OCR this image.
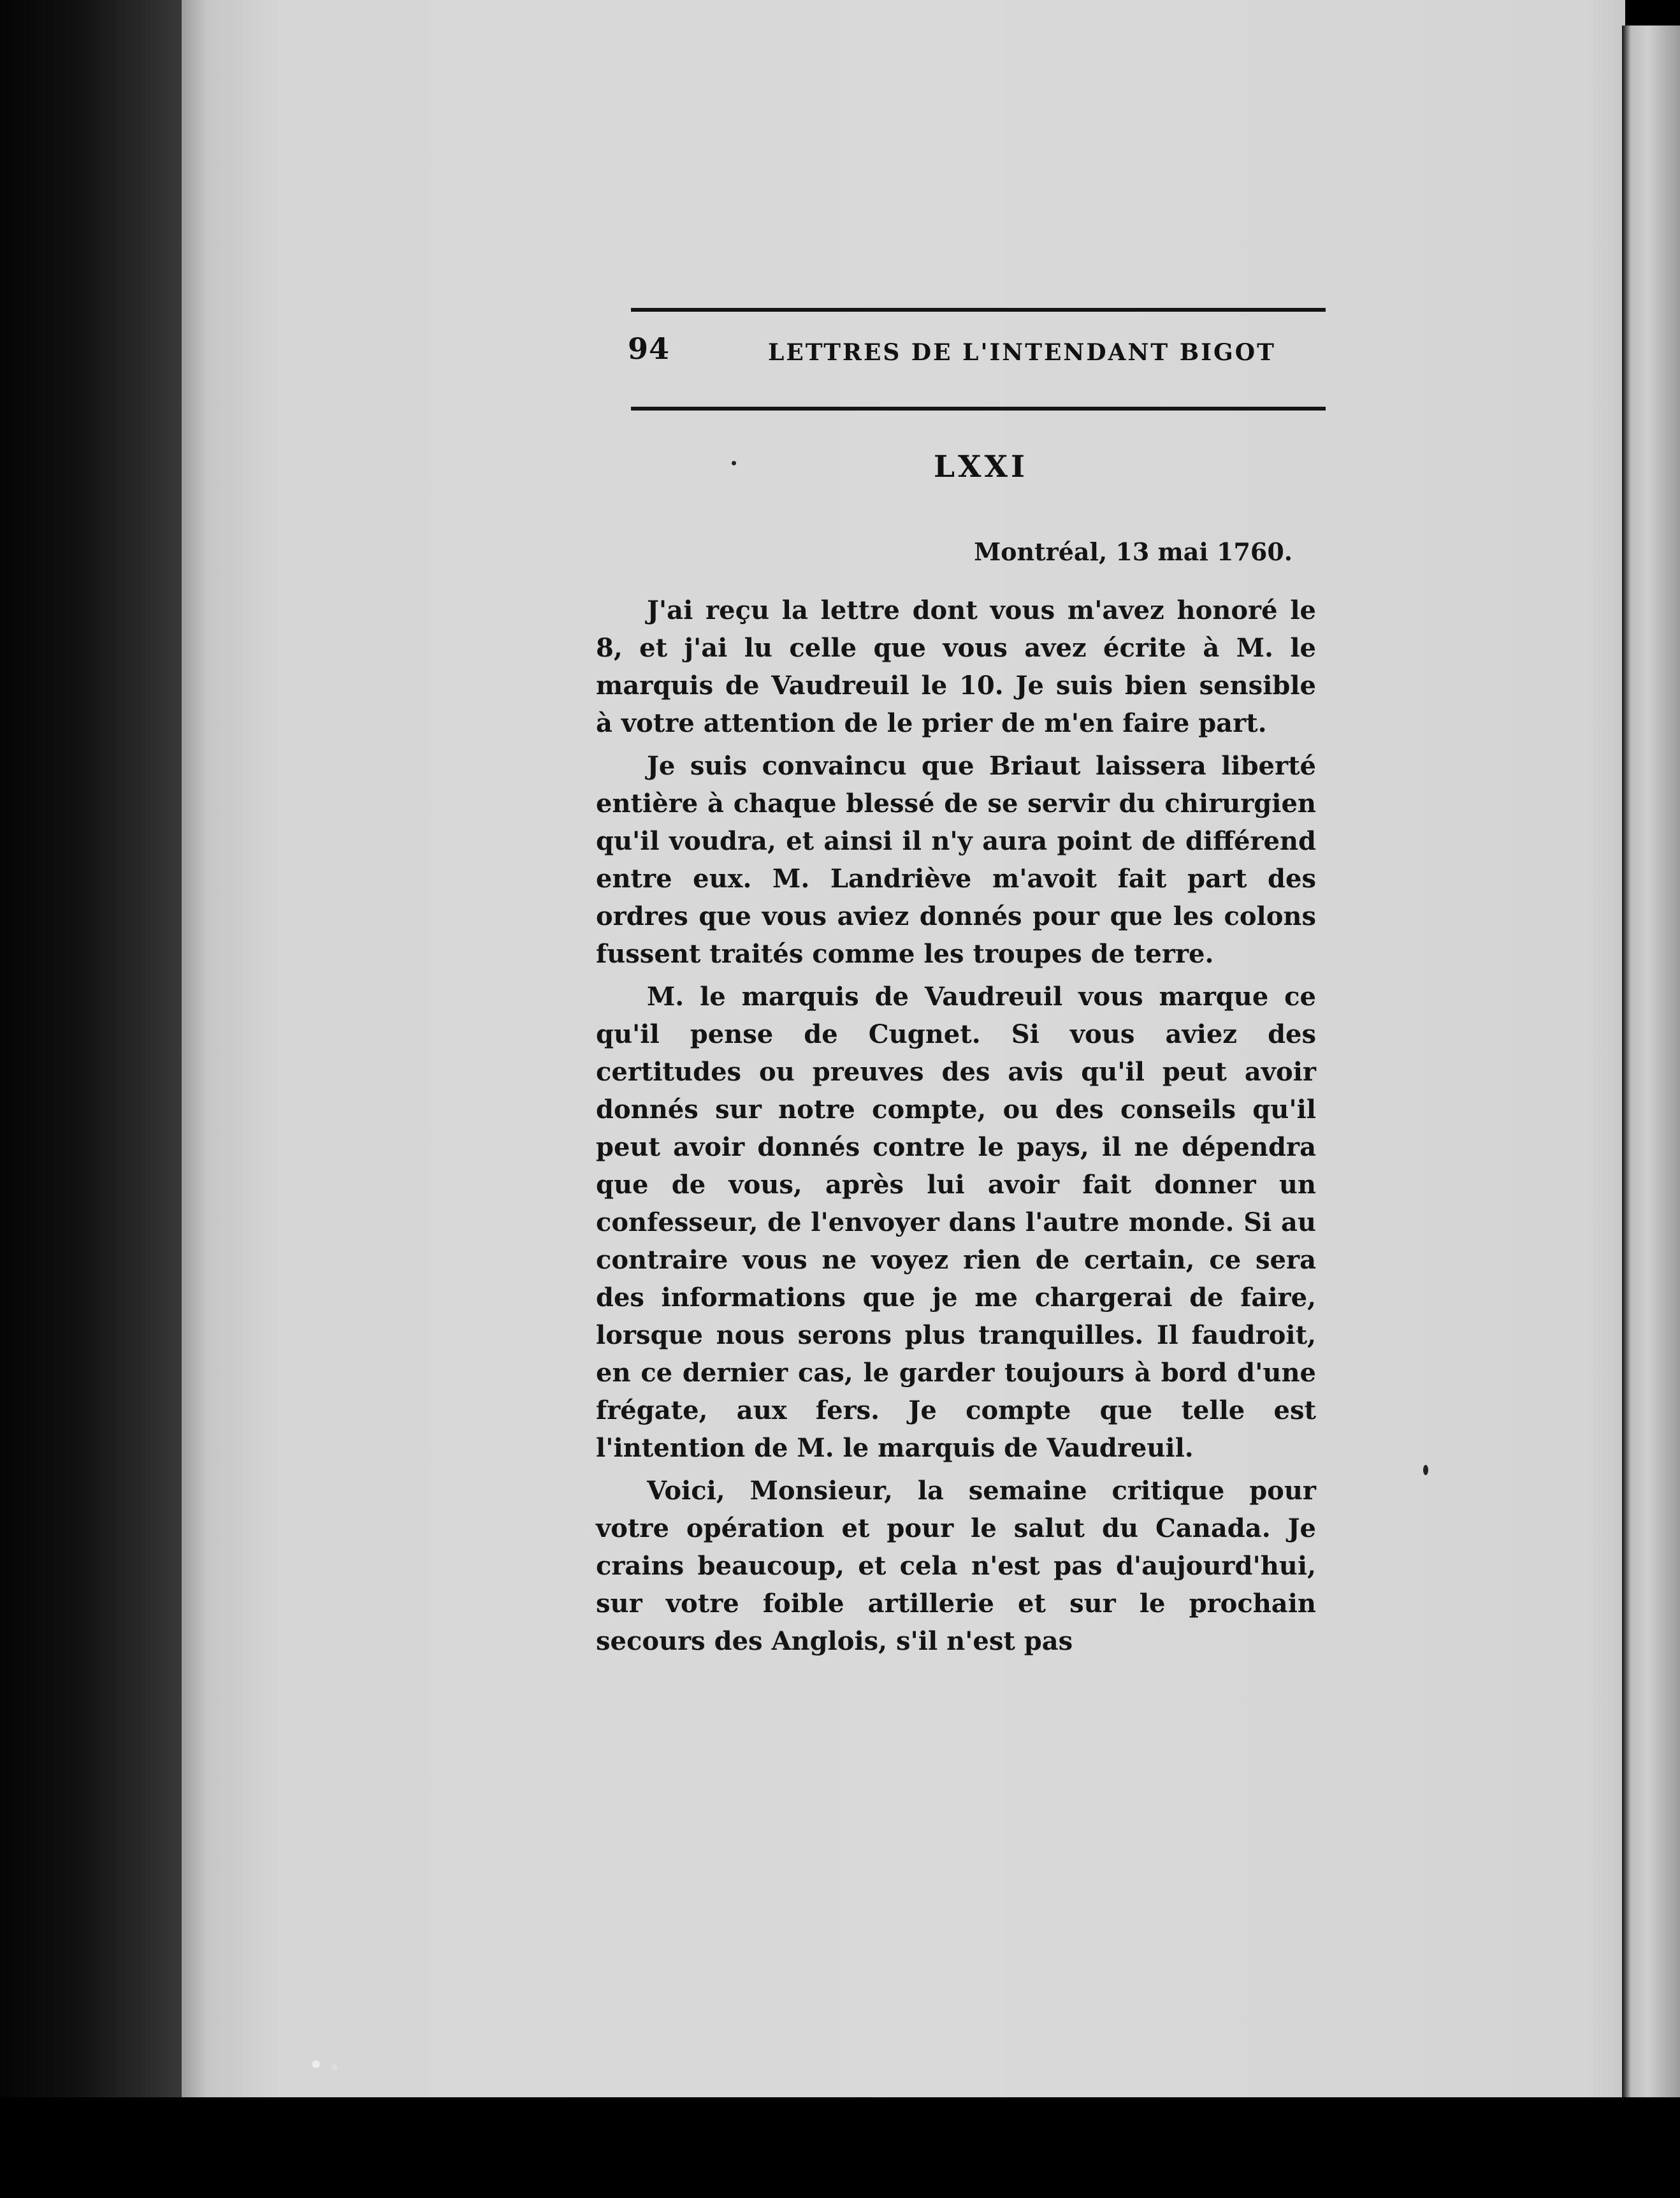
94	LETTRES DE L'INTENDANT BIGOT
LXXI
Montréal, 13 mai 1760.

J'ai reçu la lettre dont vous m'avez honoré le 8, et j'ai lu celle que vous avez écrite à M. le marquis de Vaudreuil le 10. Je suis bien sensible à votre attention de le prier de m'en faire part.

Je suis convaincu que Briaut laissera liberté entière à chaque blessé de se servir du chirurgien qu'il voudra, et ainsi il n'y aura point de différend entre eux. M. Landriève m'avoit fait part des ordres que vous aviez donnés pour que les colons fussent traités comme les troupes de terre.

M. le marquis de Vaudreuil vous marque ce qu'il pense de Cugnet. Si vous aviez des certitudes ou preuves des avis qu'il peut avoir donnés sur notre compte, ou des conseils qu'il peut avoir donnés contre le pays, il ne dépendra que de vous, après lui avoir fait donner un confesseur, de l'envoyer dans l'autre monde. Si au contraire vous ne voyez rien de certain, ce sera des informations que je me chargerai de faire, lorsque nous serons plus tranquilles. Il faudroit, en ce dernier cas, le garder toujours à bord d'une frégate, aux fers. Je compte que telle est l'intention de M. le marquis de Vaudreuil.

Voici, Monsieur, la semaine critique pour votre opération et pour le salut du Canada. Je crains beaucoup, et cela n'est pas d'aujourd'hui, sur votre foible artillerie et sur le prochain secours des Anglois, s'il n'est pas
